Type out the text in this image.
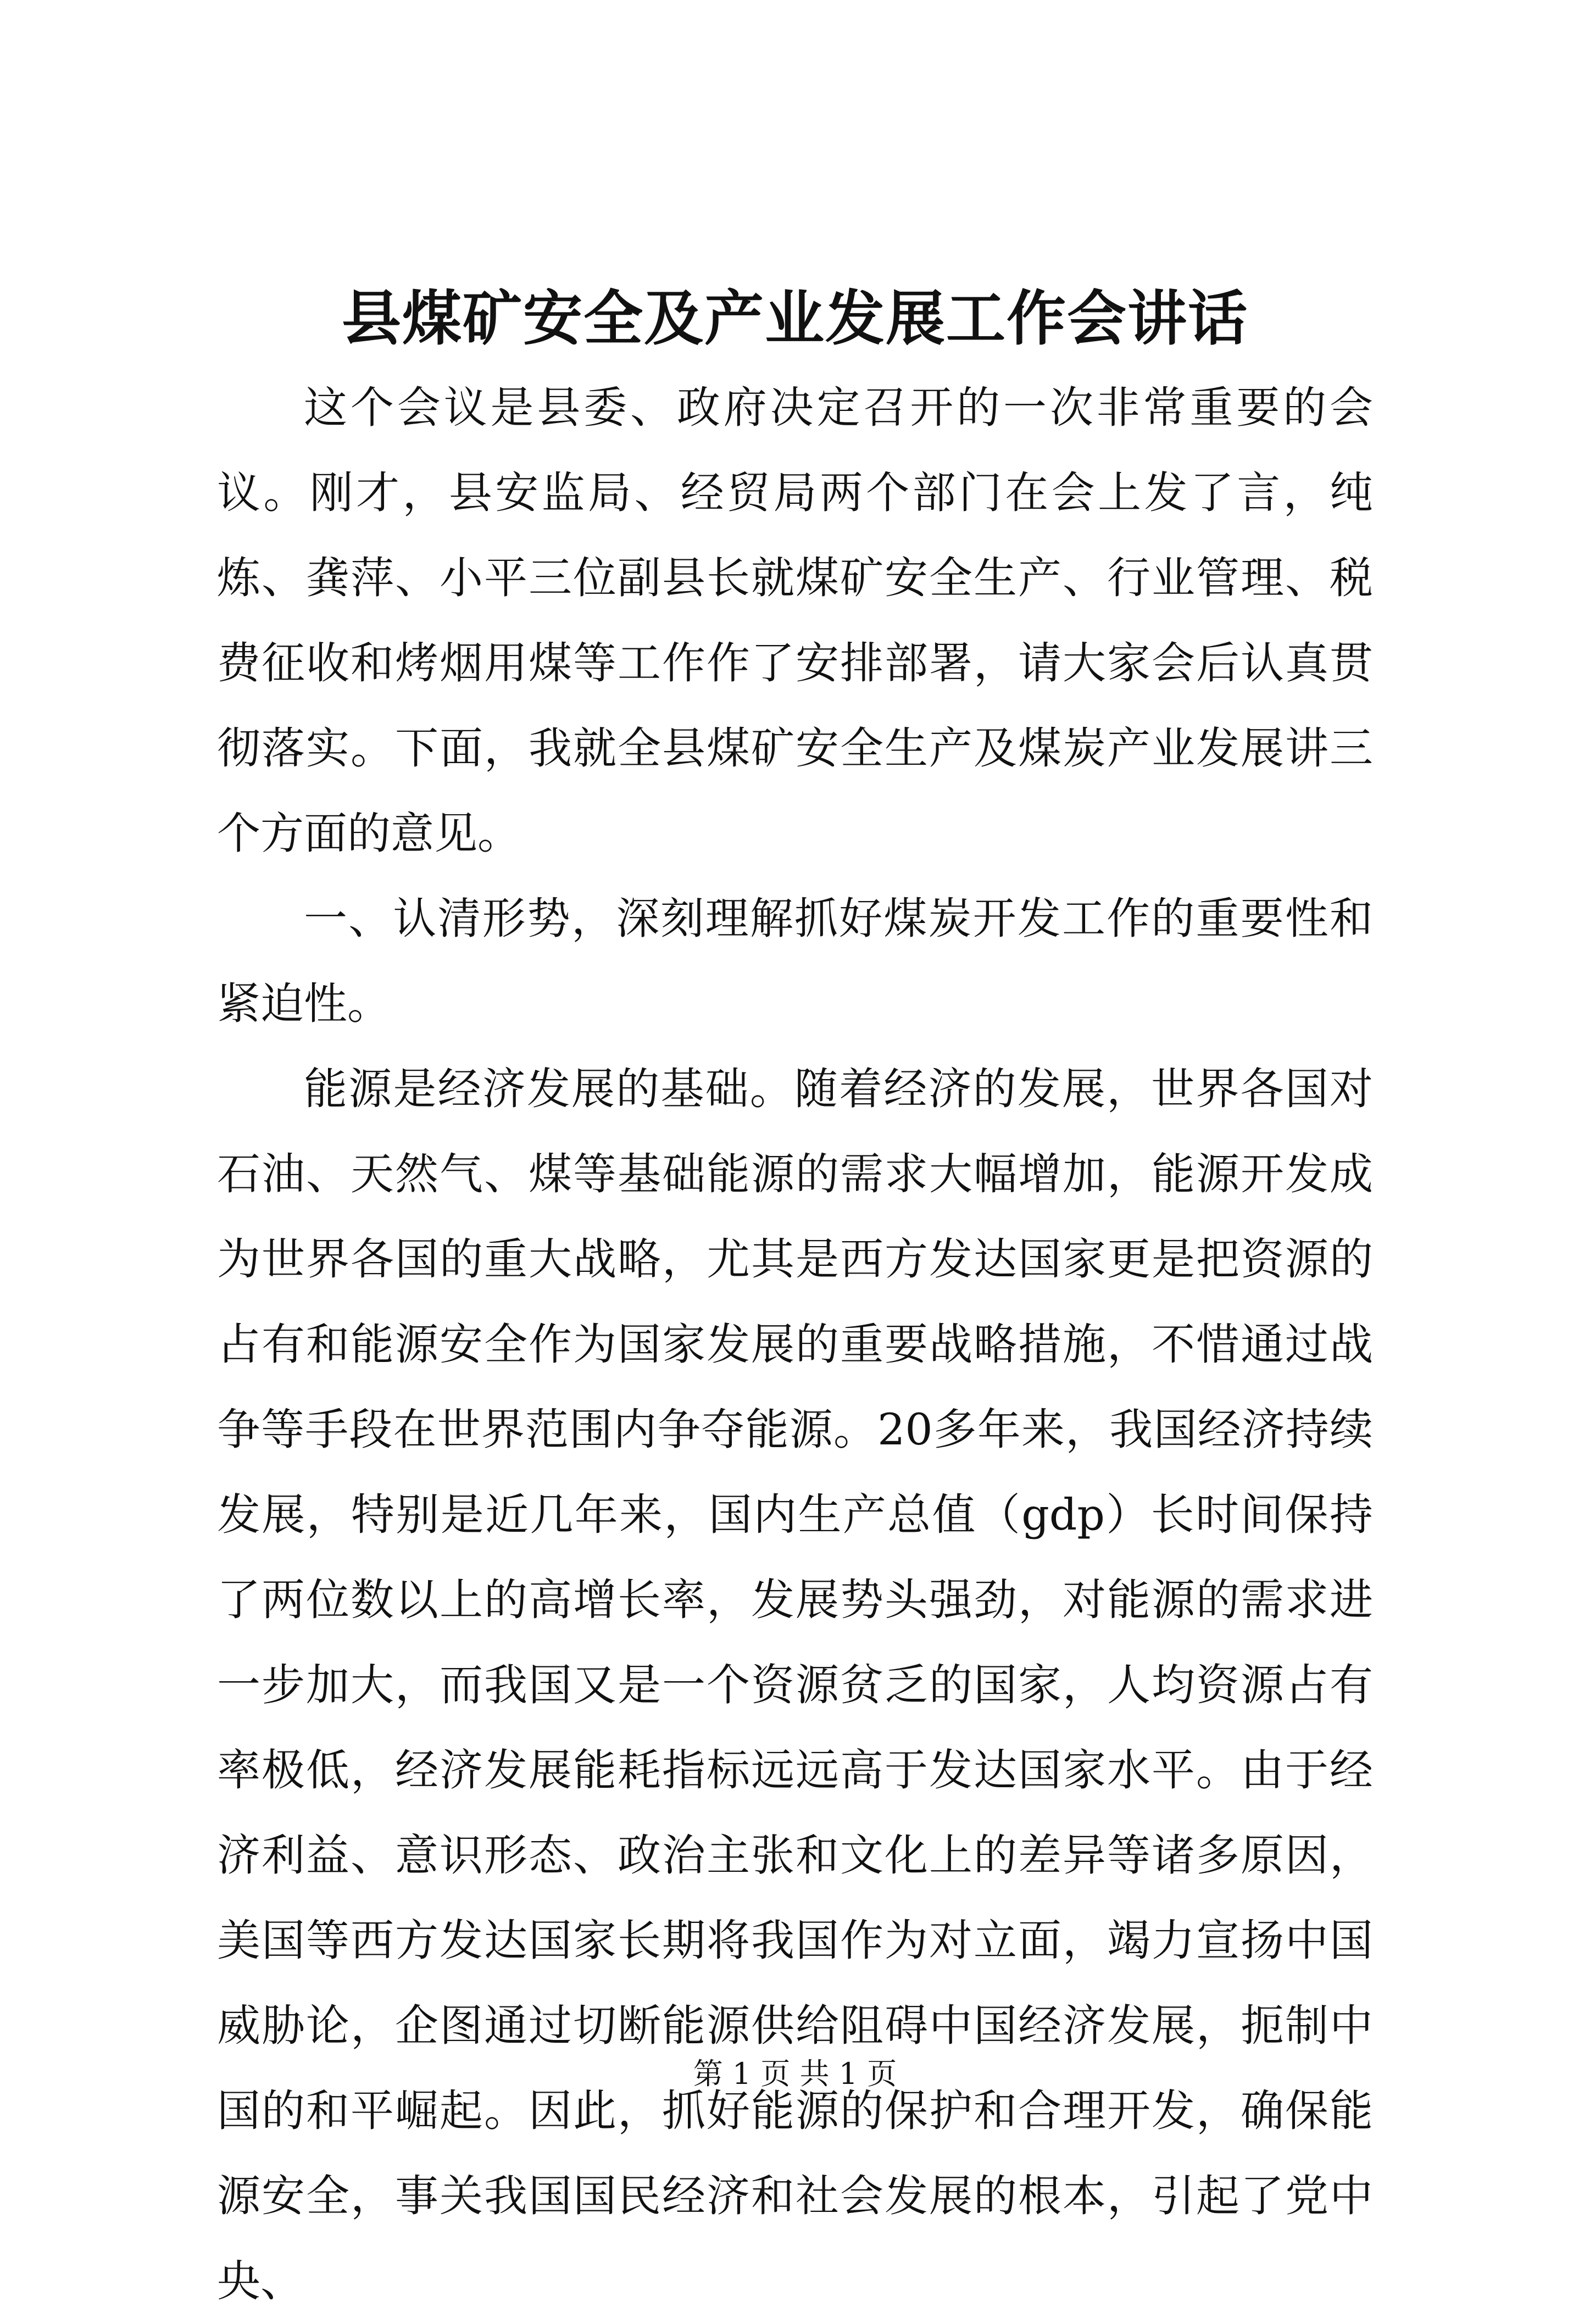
县煤矿安全及产业发展工作会讲话

这个会议是县委、政府决定召开的一次非常重要的会议。刚才，县安监局、经贸局两个部门在会上发了言，纯炼、龚萍、小平三位副县长就煤矿安全生产、行业管理、税费征收和烤烟用煤等工作作了安排部署，请大家会后认真贯彻落实。下面，我就全县煤矿安全生产及煤炭产业发展讲三个方面的意见。

一、认清形势，深刻理解抓好煤炭开发工作的重要性和紧迫性。

能源是经济发展的基础。随着经济的发展，世界各国对石油、天然气、煤等基础能源的需求大幅增加，能源开发成为世界各国的重大战略，尤其是西方发达国家更是把资源的占有和能源安全作为国家发展的重要战略措施，不惜通过战争等手段在世界范围内争夺能源。20多年来，我国经济持续发展，特别是近几年来，国内生产总值（gdp）长时间保持了两位数以上的高增长率，发展势头强劲，对能源的需求进一步加大，而我国又是一个资源贫乏的国家，人均资源占有率极低，经济发展能耗指标远远高于发达国家水平。由于经济利益、意识形态、政治主张和文化上的差异等诸多原因，美国等西方发达国家长期将我国作为对立面，竭力宣扬中国威胁论，企图通过切断能源供给阻碍中国经济发展，扼制中国的和平崛起。因此，抓好能源的保护和合理开发，确保能源安全，事关我国国民经济和社会发展的根本，引起了党中央、

第 1 页 共 1 页
